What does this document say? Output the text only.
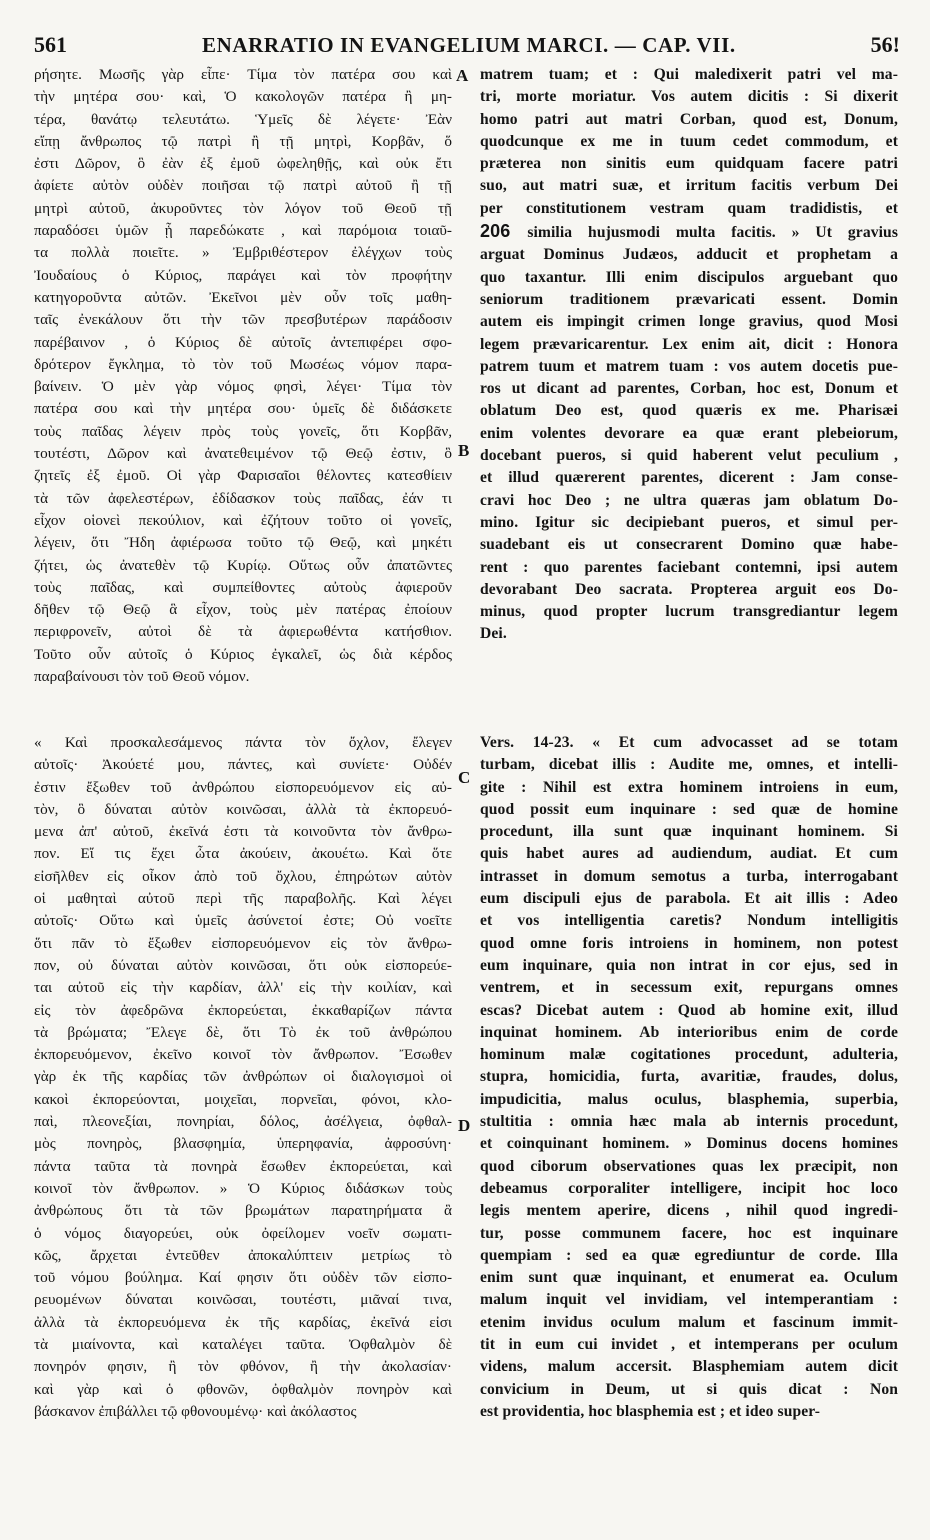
561	ENARRATIO IN EVANGELIUM MARCI. — CAP. VII.	56!
ρήσητε. Μωσῆς γὰρ εἶπε· Τίμα τὸν πατέρα σου καὶ
τὴν μητέρα σου· καὶ, Ὁ κακολογῶν πατέρα ἢ μη-
τέρα, θανάτῳ τελευτάτω. Ὑμεῖς δὲ λέγετε· Ἐὰν
εἴπῃ ἄνθρωπος τῷ πατρὶ ἢ τῇ μητρὶ, Κορβᾶν, ὅ
ἐστι Δῶρον, ὃ ἐὰν ἐξ ἐμοῦ ὠφεληθῇς, καὶ οὐκ ἔτι
ἀφίετε αὐτὸν οὐδὲν ποιῆσαι τῷ πατρὶ αὐτοῦ ἢ τῇ
μητρὶ αὐτοῦ, ἀκυροῦντες τὸν λόγον τοῦ Θεοῦ τῇ
παραδόσει ὑμῶν ᾗ παρεδώκατε , καὶ παρόμοια τοιαῦ-
τα πολλὰ ποιεῖτε. » Ἐμβριθέστερον ἐλέγχων τοὺς
Ἰουδαίους ὁ Κύριος, παράγει καὶ τὸν προφήτην
κατηγοροῦντα αὐτῶν. Ἐκεῖνοι μὲν οὖν τοῖς μαθη-
ταῖς ἐνεκάλουν ὅτι τὴν τῶν πρεσβυτέρων παράδοσιν
παρέβαινον , ὁ Κύριος δὲ αὐτοῖς ἀντεπιφέρει σφο-
δρότερον ἔγκλημα, τὸ τὸν τοῦ Μωσέως νόμον παρα-
βαίνειν. Ὁ μὲν γὰρ νόμος φησὶ, λέγει· Τίμα τὸν
πατέρα σου καὶ τὴν μητέρα σου· ὑμεῖς δὲ διδάσκετε
τοὺς παῖδας λέγειν πρὸς τοὺς γονεῖς, ὅτι Κορβᾶν,
τουτέστι, Δῶρον καὶ ἀνατεθειμένον τῷ Θεῷ ἐστιν, ὃ
ζητεῖς ἐξ ἐμοῦ. Οἱ γὰρ Φαρισαῖοι θέλοντες κατεσθίειν
τὰ τῶν ἀφελεστέρων, ἐδίδασκον τοὺς παῖδας, ἐάν τι
εἶχον οἱονεὶ πεκούλιον, καὶ ἐζήτουν τοῦτο οἱ γονεῖς,
λέγειν, ὅτι Ἤδη ἀφιέρωσα τοῦτο τῷ Θεῷ, καὶ μηκέτι
ζήτει, ὡς ἀνατεθὲν τῷ Κυρίῳ. Οὕτως οὖν ἀπατῶντες
τοὺς παῖδας, καὶ συμπείθοντες αὐτοὺς ἀφιεροῦν
δῆθεν τῷ Θεῷ ἃ εἶχον, τοὺς μὲν πατέρας ἐποίουν
περιφρονεῖν, αὐτοὶ δὲ τὰ ἀφιερωθέντα κατήσθιον.
Τοῦτο οὖν αὐτοῖς ὁ Κύριος ἐγκαλεῖ, ὡς διὰ κέρδος
παραβαίνουσι τὸν τοῦ Θεοῦ νόμον.
« Καὶ προσκαλεσάμενος πάντα τὸν ὄχλον, ἔλεγεν
αὐτοῖς· Ἀκούετέ μου, πάντες, καὶ συνίετε· Οὐδέν
ἐστιν ἔξωθεν τοῦ ἀνθρώπου εἰσπορευόμενον εἰς αὐ-
τὸν, ὃ δύναται αὐτὸν κοινῶσαι, ἀλλὰ τὰ ἐκπορευό-
μενα ἀπ' αὐτοῦ, ἐκεῖνά ἐστι τὰ κοινοῦντα τὸν ἄνθρω-
πον. Εἴ τις ἔχει ὦτα ἀκούειν, ἀκουέτω. Καὶ ὅτε
εἰσῆλθεν εἰς οἶκον ἀπὸ τοῦ ὄχλου, ἐπηρώτων αὐτὸν
οἱ μαθηταὶ αὐτοῦ περὶ τῆς παραβολῆς. Καὶ λέγει
αὐτοῖς· Οὕτω καὶ ὑμεῖς ἀσύνετοί ἐστε; Οὐ νοεῖτε
ὅτι πᾶν τὸ ἔξωθεν εἰσπορευόμενον εἰς τὸν ἄνθρω-
πον, οὐ δύναται αὐτὸν κοινῶσαι, ὅτι οὐκ εἰσπορεύε-
ται αὐτοῦ εἰς τὴν καρδίαν, ἀλλ' εἰς τὴν κοιλίαν, καὶ
εἰς τὸν ἀφεδρῶνα ἐκπορεύεται, ἐκκαθαρίζων πάντα
τὰ βρώματα; Ἔλεγε δὲ, ὅτι Τὸ ἐκ τοῦ ἀνθρώπου
ἐκπορευόμενον, ἐκεῖνο κοινοῖ τὸν ἄνθρωπον. Ἔσωθεν
γὰρ ἐκ τῆς καρδίας τῶν ἀνθρώπων οἱ διαλογισμοὶ οἱ
κακοὶ ἐκπορεύονται, μοιχεῖαι, πορνεῖαι, φόνοι, κλο-
παὶ, πλεονεξίαι, πονηρίαι, δόλος, ἀσέλγεια, ὀφθαλ-
μὸς πονηρὸς, βλασφημία, ὑπερηφανία, ἀφροσύνη·
πάντα ταῦτα τὰ πονηρὰ ἔσωθεν ἐκπορεύεται, καὶ
κοινοῖ τὸν ἄνθρωπον. » Ὁ Κύριος διδάσκων τοὺς
ἀνθρώπους ὅτι τὰ τῶν βρωμάτων παρατηρήματα ἃ
ὁ νόμος διαγορεύει, οὐκ ὀφείλομεν νοεῖν σωματι-
κῶς, ἄρχεται ἐντεῦθεν ἀποκαλύπτειν μετρίως τὸ
τοῦ νόμου βούλημα. Καί φησιν ὅτι οὐδὲν τῶν εἰσπο-
ρευομένων δύναται κοινῶσαι, τουτέστι, μιᾶναί τινα,
ἀλλὰ τὰ ἐκπορευόμενα ἐκ τῆς καρδίας, ἐκεῖνά εἰσι
τὰ μιαίνοντα, καὶ καταλέγει ταῦτα. Ὀφθαλμὸν δὲ
πονηρόν φησιν, ἢ τὸν φθόνον, ἢ τὴν ἀκολασίαν·
καὶ γὰρ καὶ ὁ φθονῶν, ὀφθαλμὸν πονηρὸν καὶ
βάσκανον ἐπιβάλλει τῷ φθονουμένῳ· καὶ ἀκόλαστος
matrem tuam; et : Qui maledixerit patri vel ma-
tri, morte moriatur. Vos autem dicitis : Si dixerit
homo patri aut matri Corban, quod est, Donum,
quodcunque ex me in tuum cedet commodum, et
præterea non sinitis eum quidquam facere patri
suo, aut matri suæ, et irritum facitis verbum Dei
per constitutionem vestram quam tradidistis, et
206 similia hujusmodi multa facitis. » Ut gravius
arguat Dominus Judæos, adducit et prophetam a
quo taxantur. Illi enim discipulos arguebant quo
seniorum traditionem prævaricati essent. Domin
autem eis impingit crimen longe gravius, quod Mosi
legem prævaricarentur. Lex enim ait, dicit : Honora
patrem tuum et matrem tuam : vos autem docetis pue-
ros ut dicant ad parentes, Corban, hoc est, Donum et
oblatum Deo est, quod quæris ex me. Pharisæi
enim volentes devorare ea quæ erant plebeiorum,
docebant pueros, si quid haberent velut peculium ,
et illud quærerent parentes, dicerent : Jam conse-
cravi hoc Deo ; ne ultra quæras jam oblatum Do-
mino. Igitur sic decipiebant pueros, et simul per-
suadebant eis ut consecrarent Domino quæ habe-
rent : quo parentes faciebant contemni, ipsi autem
devorabant Deo sacrata. Propterea arguit eos Do-
minus, quod propter lucrum transgrediantur legem
Dei.
Vers. 14-23. « Et cum advocasset ad se totam
turbam, dicebat illis : Audite me, omnes, et intelli-
gite : Nihil est extra hominem introiens in eum,
quod possit eum inquinare : sed quæ de homine
procedunt, illa sunt quæ inquinant hominem. Si
quis habet aures ad audiendum, audiat. Et cum
intrasset in domum semotus a turba, interrogabant
eum discipuli ejus de parabola. Et ait illis : Adeo
et vos intelligentia caretis? Nondum intelligitis
quod omne foris introiens in hominem, non potest
eum inquinare, quia non intrat in cor ejus, sed in
ventrem, et in secessum exit, repurgans omnes
escas? Dicebat autem : Quod ab homine exit, illud
inquinat hominem. Ab interioribus enim de corde
hominum malæ cogitationes procedunt, adulteria,
stupra, homicidia, furta, avaritiæ, fraudes, dolus,
impudicitia, malus oculus, blasphemia, superbia,
stultitia : omnia hæc mala ab internis procedunt,
et coinquinant hominem. » Dominus docens homines
quod ciborum observationes quas lex præcipit, non
debeamus corporaliter intelligere, incipit hoc loco
legis mentem aperire, dicens , nihil quod ingredi-
tur, posse communem facere, hoc est inquinare
quempiam : sed ea quæ egrediuntur de corde. Illa
enim sunt quæ inquinant, et enumerat ea. Oculum
malum inquit vel invidiam, vel intemperantiam :
etenim invidus oculum malum et fascinum immit-
tit in eum cui invidet , et intemperans per oculum
videns, malum accersit. Blasphemiam autem dicit
convicium in Deum, ut si quis dicat : Non
est providentia, hoc blasphemia est ; et ideo super-
A
B
C
D
